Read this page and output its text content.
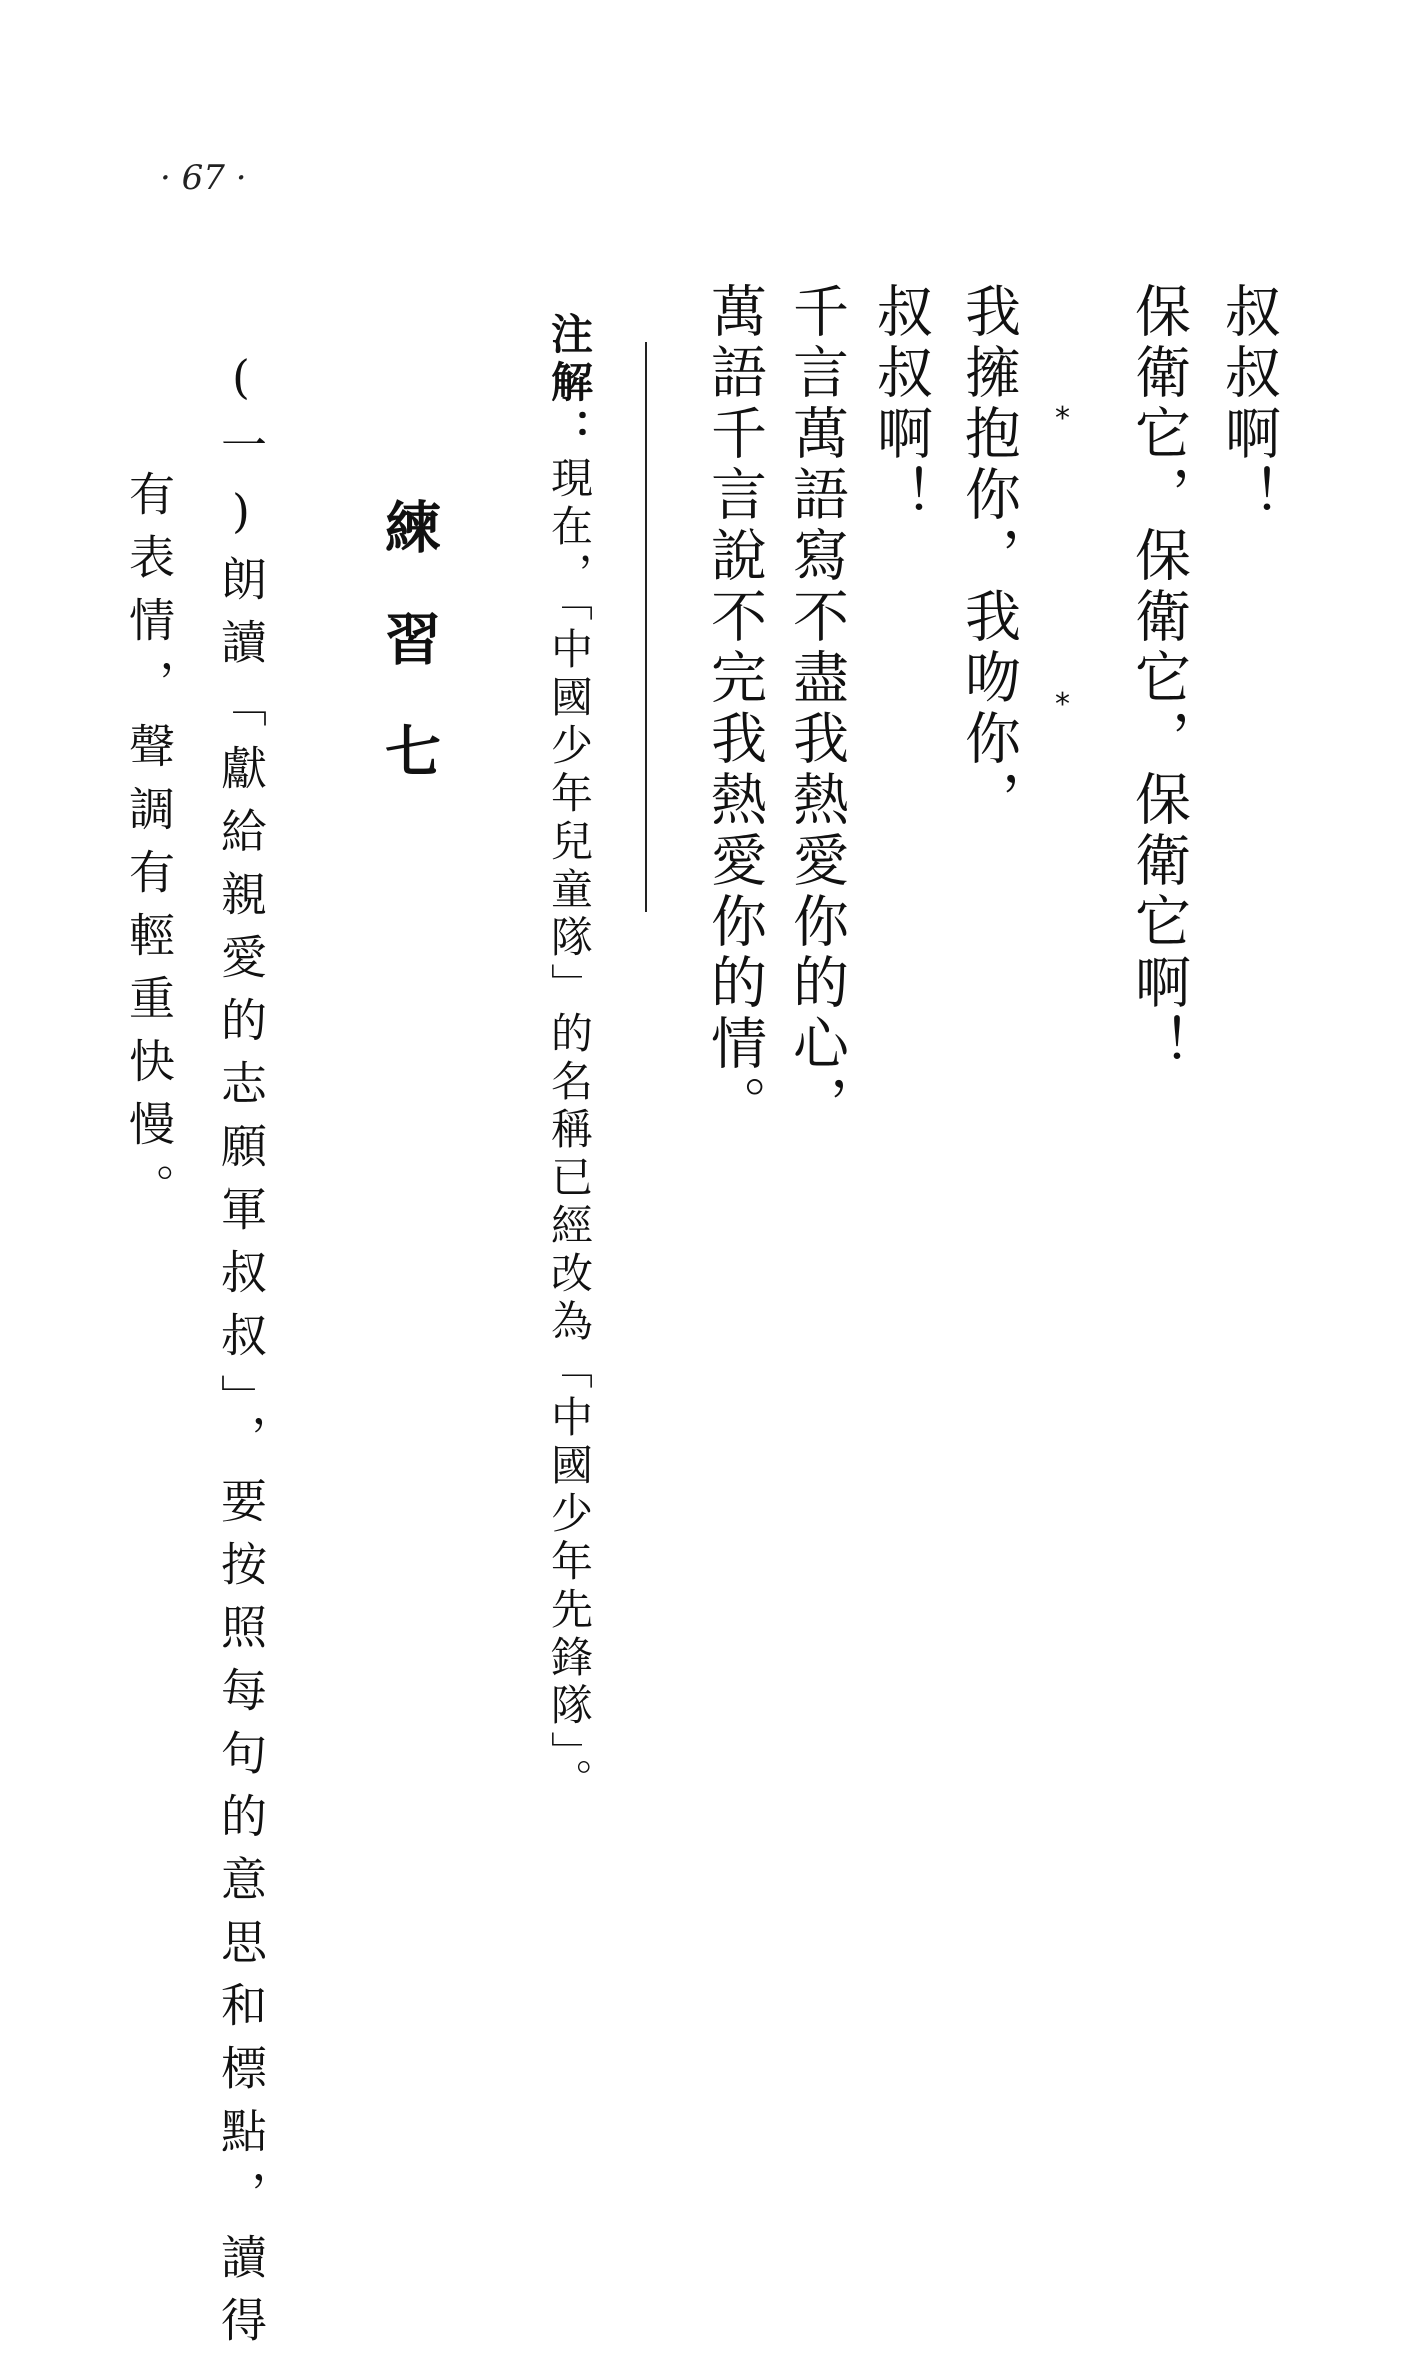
· 67 ·
叔叔啊！
保衛它，保衛它，保衛它啊！
我擁抱你，我吻你，
叔叔啊！
千言萬語寫不盡我熱愛你的心，
萬語千言說不完我熱愛你的情。	*
*
注解：現在，「中國少年兒童隊」的名稱已經改為「中國少年先鋒隊」。
練習七
(一)朗讀「獻給親愛的志願軍叔叔」，要按照每句的意思和標點，讀得
有表情，聲調有輕重快慢。
